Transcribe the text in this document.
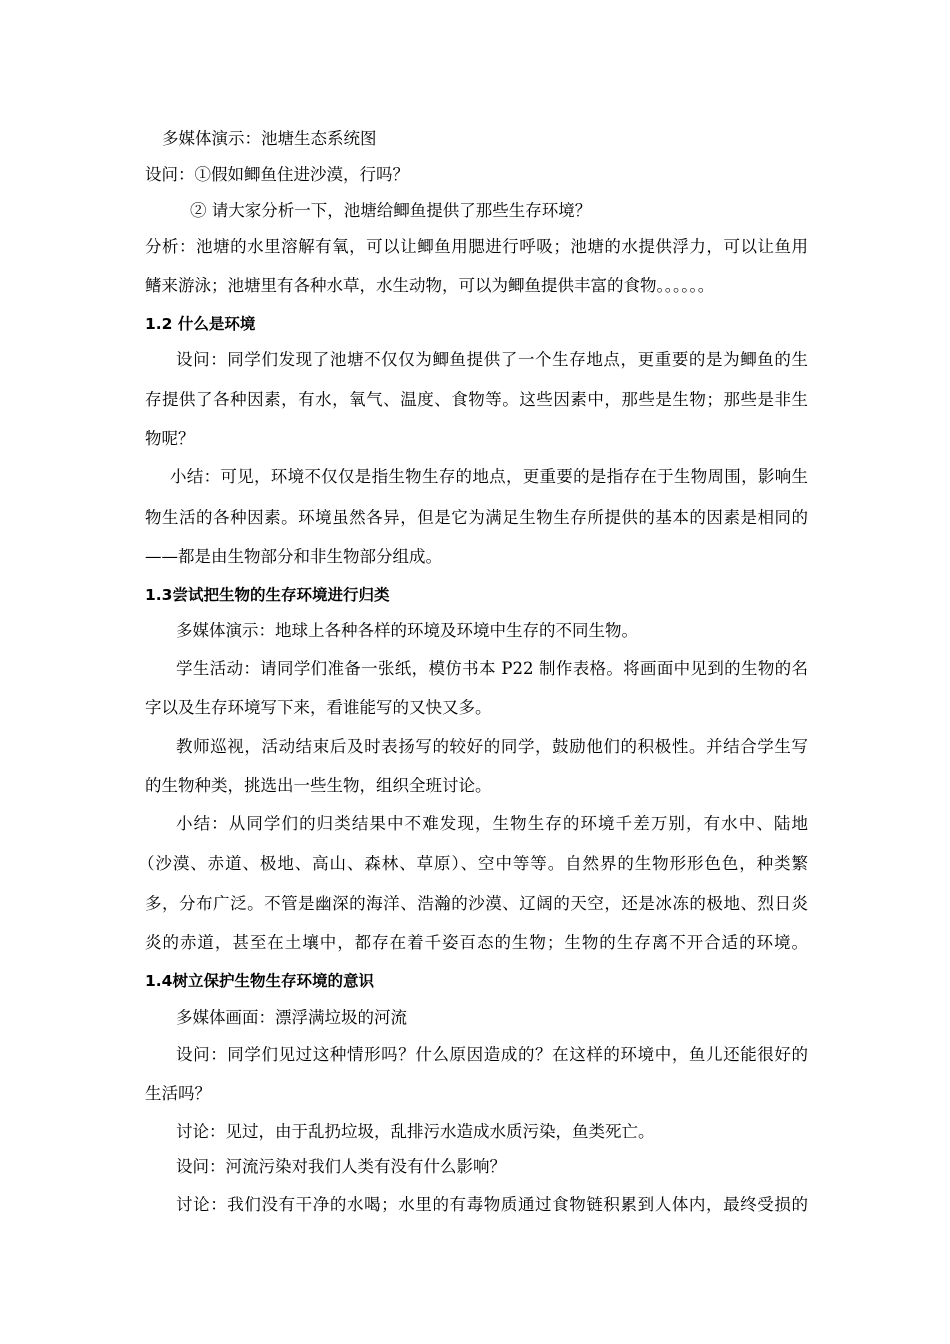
多媒体演示：池塘生态系统图
设问：①假如鲫鱼住进沙漠，行吗？
② 请大家分析一下，池塘给鲫鱼提供了那些生存环境？
分析：池塘的水里溶解有氧，可以让鲫鱼用腮进行呼吸；池塘的水提供浮力，可以让鱼用
鳍来游泳；池塘里有各种水草，水生动物，可以为鲫鱼提供丰富的食物。。。。。。
1.2 什么是环境
设问：同学们发现了池塘不仅仅为鲫鱼提供了一个生存地点，更重要的是为鲫鱼的生
存提供了各种因素，有水，氧气、温度、食物等。这些因素中，那些是生物；那些是非生
物呢？
小结：可见，环境不仅仅是指生物生存的地点，更重要的是指存在于生物周围，影响生
物生活的各种因素。环境虽然各异，但是它为满足生物生存所提供的基本的因素是相同的
——都是由生物部分和非生物部分组成。
1.3尝试把生物的生存环境进行归类
多媒体演示：地球上各种各样的环境及环境中生存的不同生物。
学生活动：请同学们准备一张纸，模仿书本 P22 制作表格。将画面中见到的生物的名
字以及生存环境写下来，看谁能写的又快又多。
教师巡视，活动结束后及时表扬写的较好的同学，鼓励他们的积极性。并结合学生写
的生物种类，挑选出一些生物，组织全班讨论。
小结：从同学们的归类结果中不难发现，生物生存的环境千差万别，有水中、陆地
（沙漠、赤道、极地、高山、森林、草原）、空中等等。自然界的生物形形色色，种类繁
多，分布广泛。不管是幽深的海洋、浩瀚的沙漠、辽阔的天空，还是冰冻的极地、烈日炎
炎的赤道，甚至在土壤中，都存在着千姿百态的生物；生物的生存离不开合适的环境。
1.4树立保护生物生存环境的意识
多媒体画面：漂浮满垃圾的河流
设问：同学们见过这种情形吗？什么原因造成的？在这样的环境中，鱼儿还能很好的
生活吗？
讨论：见过，由于乱扔垃圾，乱排污水造成水质污染，鱼类死亡。
设问：河流污染对我们人类有没有什么影响？
讨论：我们没有干净的水喝；水里的有毒物质通过食物链积累到人体内，最终受损的
